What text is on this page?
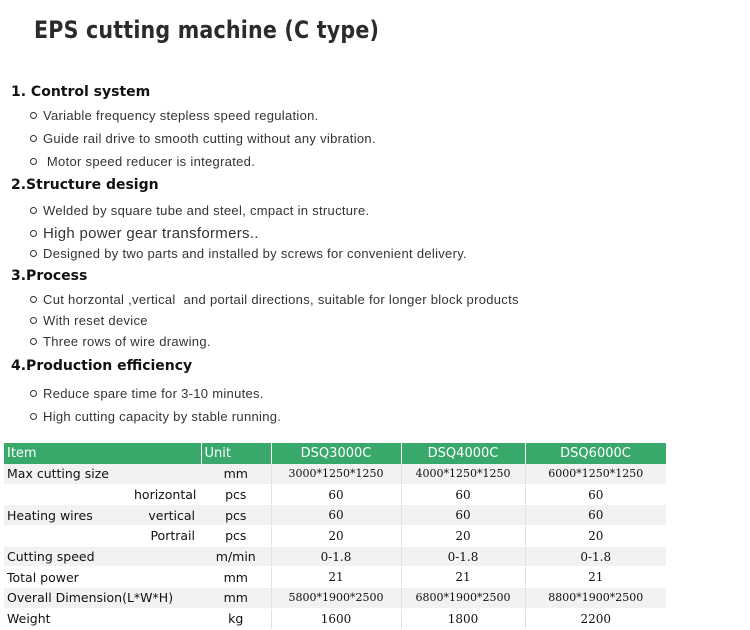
EPS cutting machine (C type)
1. Control system

Variable frequency stepless speed regulation.

Guide rail drive to smooth cutting without any vibration.

Motor speed reducer is integrated.

2.Structure design

Welded by square tube and steel, cmpact in structure.

High power gear transformers..

Designed by two parts and installed by screws for convenient delivery.

3.Process

Cut horzontal ,vertical  and portail directions, suitable for longer block products

With reset device

Three rows of wire drawing.

4.Production efficiency

Reduce spare time for 3-10 minutes.

High cutting capacity by stable running.

Item		Unit	DSQ3000C	DSQ4000C	DSQ6000C
Max cutting size		mm	3000*1250*1250	4000*1250*1250	6000*1250*1250
	horizontal	pcs	60	60	60
Heating wires	vertical	pcs	60	60	60
	Portrail	pcs	20	20	20
Cutting speed		m/min	0-1.8	0-1.8	0-1.8
Total power		mm	21	21	21
Overall Dimension(L*W*H)		mm	5800*1900*2500	6800*1900*2500	8800*1900*2500
Weight		kg	1600	1800	2200
